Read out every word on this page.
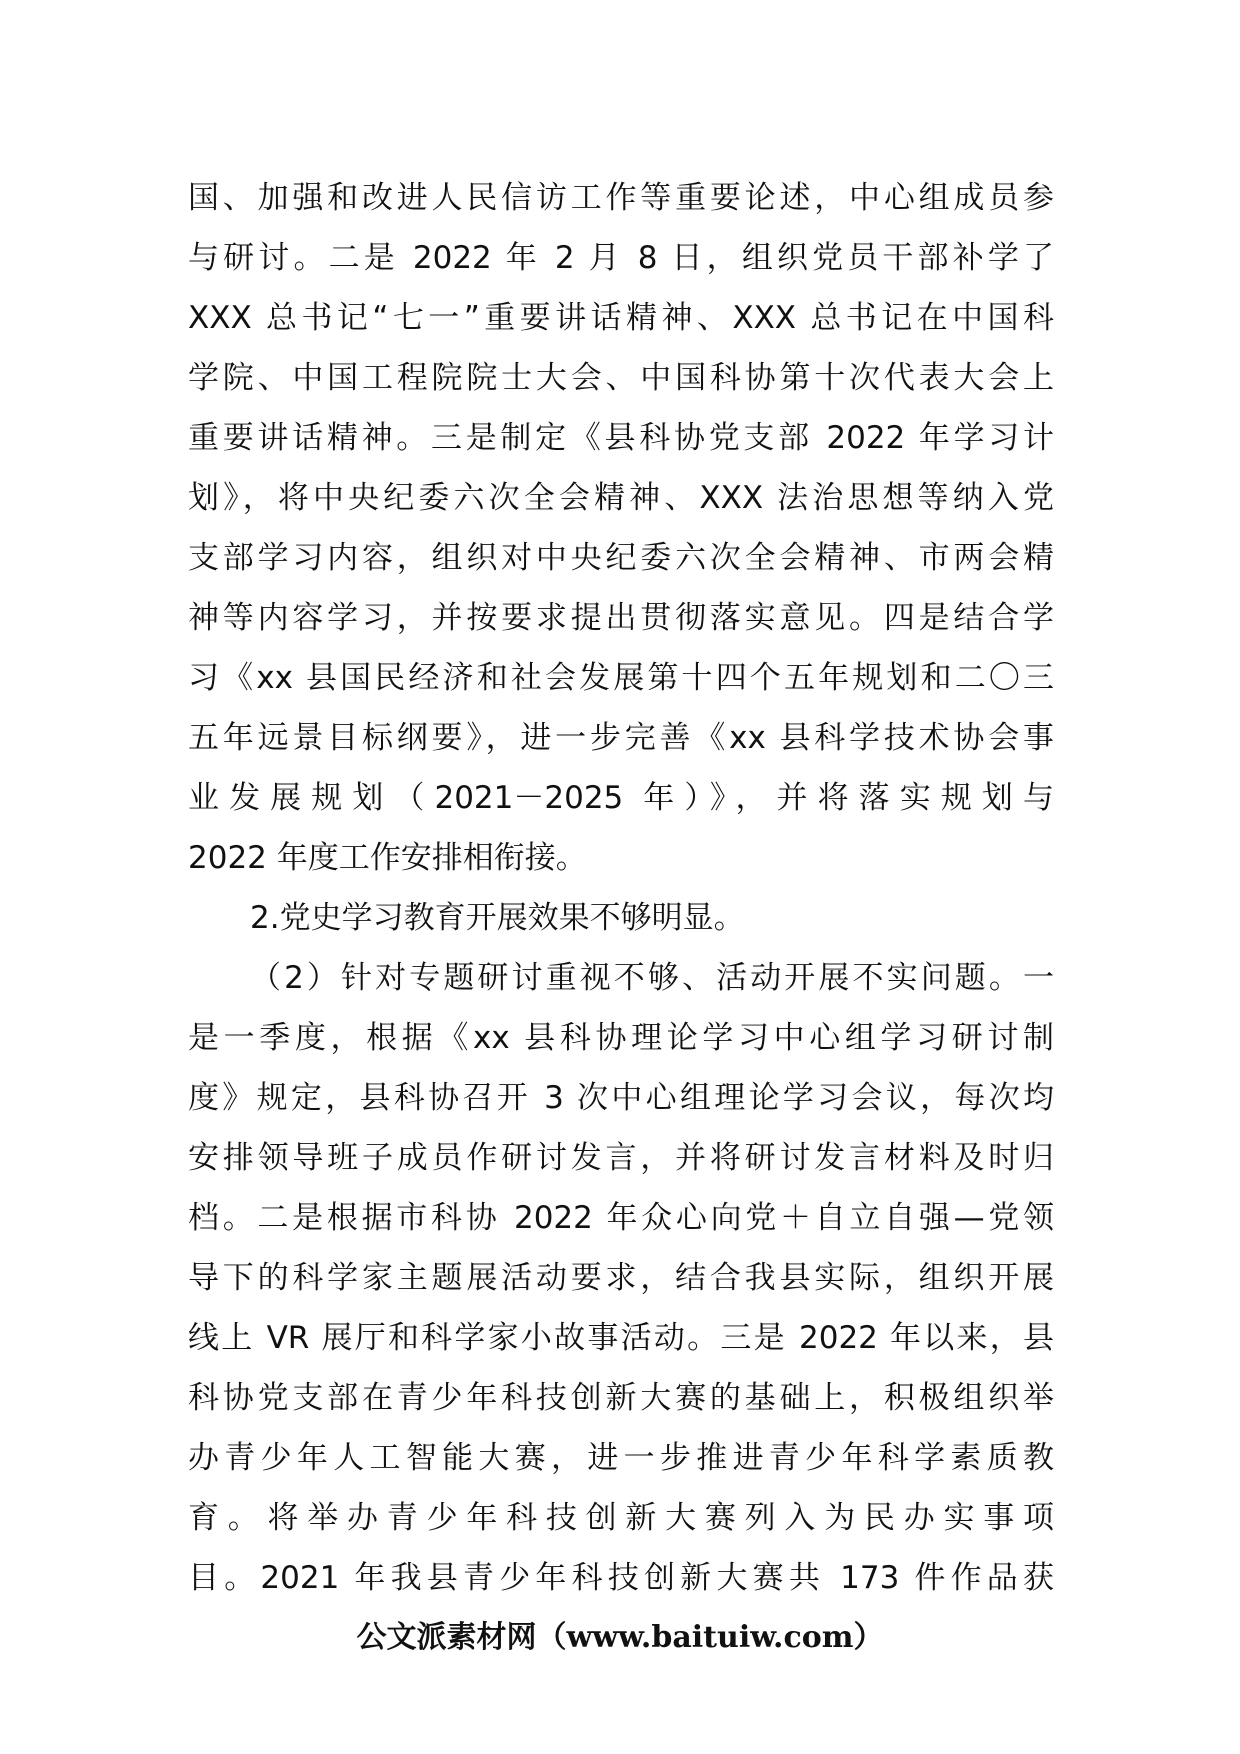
国、加强和改进人民信访工作等重要论述，中心组成员参
与研讨。二是 2022 年 2 月 8 日，组织党员干部补学了
XXX 总书记“七一”重要讲话精神、XXX 总书记在中国科
学院、中国工程院院士大会、中国科协第十次代表大会上
重要讲话精神。三是制定《县科协党支部 2022 年学习计
划》，将中央纪委六次全会精神、XXX 法治思想等纳入党
支部学习内容，组织对中央纪委六次全会精神、市两会精
神等内容学习，并按要求提出贯彻落实意见。四是结合学
习《xx 县国民经济和社会发展第十四个五年规划和二〇三
五年远景目标纲要》，进一步完善《xx 县科学技术协会事
业发展规划（2021－2025 年）》，并将落实规划与
2022 年度工作安排相衔接。
2.党史学习教育开展效果不够明显。
（2）针对专题研讨重视不够、活动开展不实问题。一
是一季度，根据《xx 县科协理论学习中心组学习研讨制
度》规定，县科协召开 3 次中心组理论学习会议，每次均
安排领导班子成员作研讨发言，并将研讨发言材料及时归
档。二是根据市科协 2022 年众心向党＋自立自强—党领
导下的科学家主题展活动要求，结合我县实际，组织开展
线上 VR 展厅和科学家小故事活动。三是 2022 年以来，县
科协党支部在青少年科技创新大赛的基础上，积极组织举
办青少年人工智能大赛，进一步推进青少年科学素质教
育。将举办青少年科技创新大赛列入为民办实事项
目。2021 年我县青少年科技创新大赛共 173 件作品获
公文派素材网（www.baituiw.com）
